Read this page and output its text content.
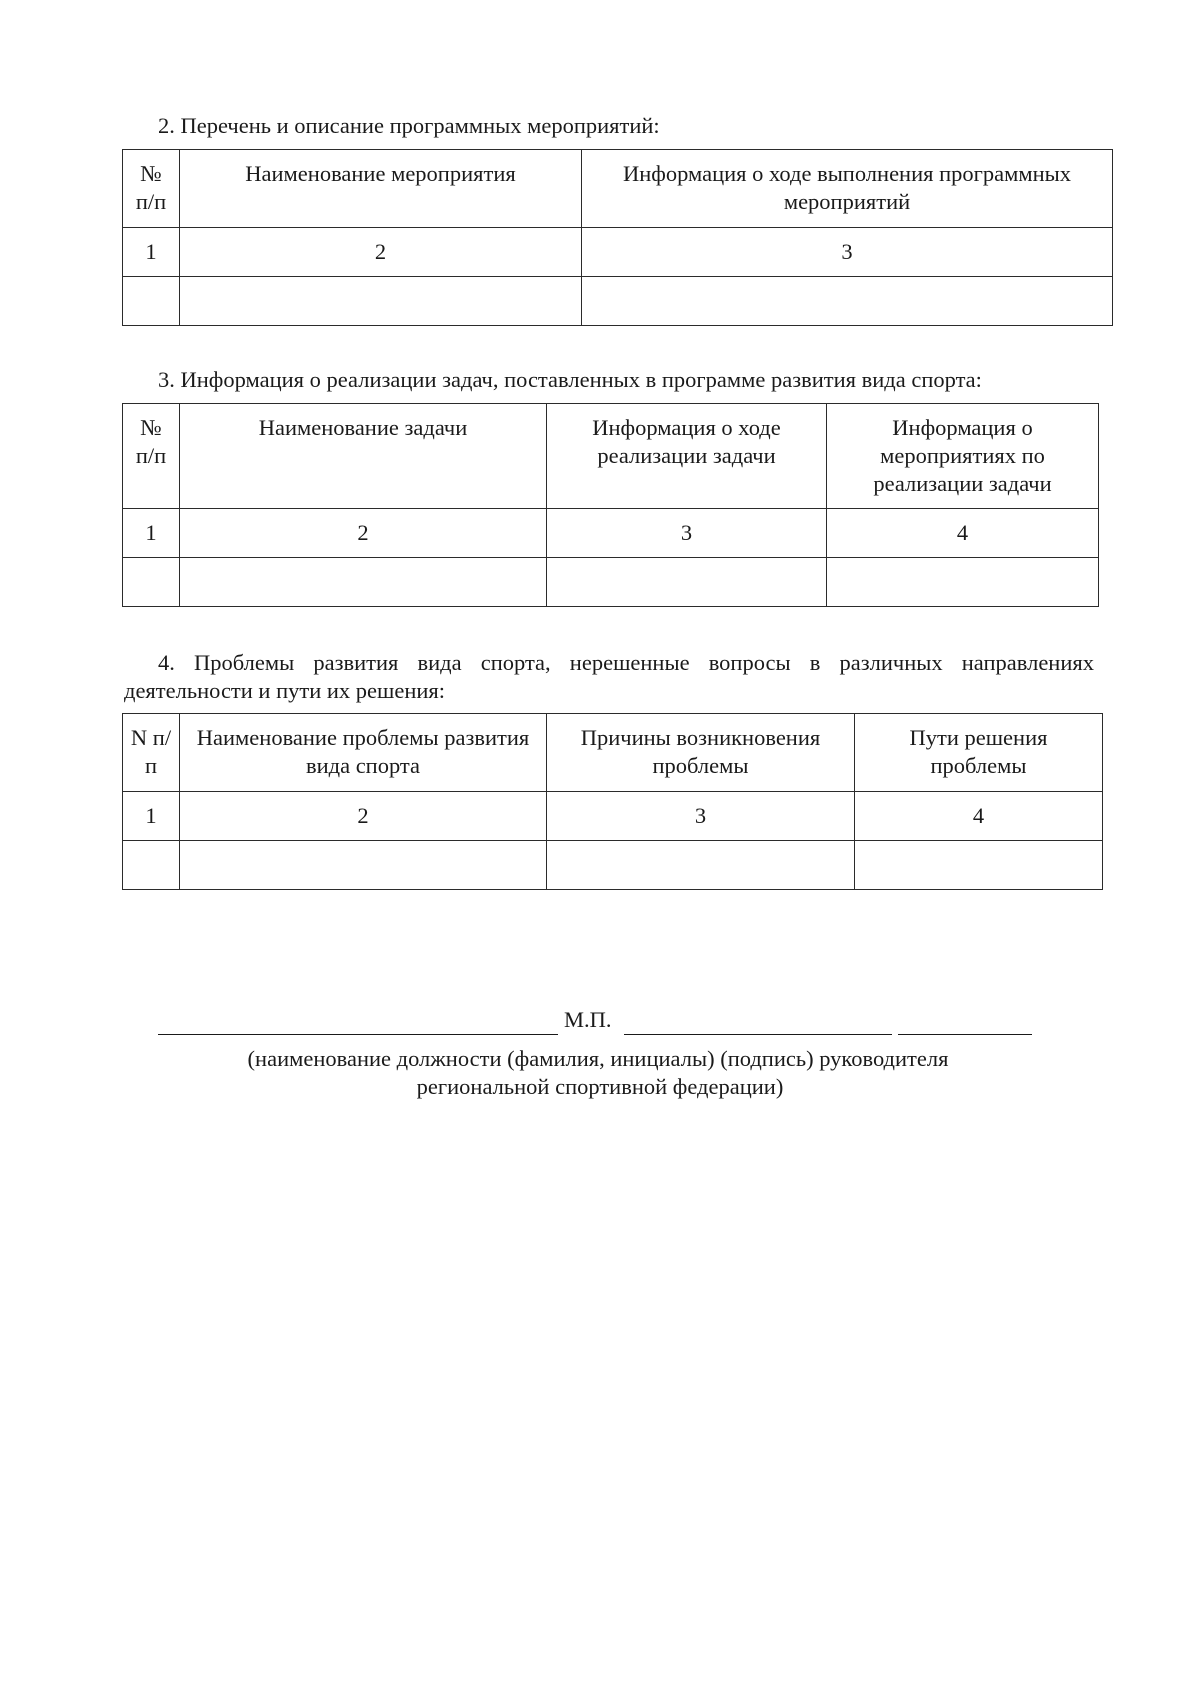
2. Перечень и описание программных мероприятий:

№ п/п	Наименование мероприятия	Информация о ходе выполнения программных мероприятий
1	2	3

3. Информация о реализации задач, поставленных в программе развития вида спорта:

№ п/п	Наименование задачи	Информация о ходе реализации задачи	Информация о мероприятиях по реализации задачи
1	2	3	4

4. Проблемы развития вида спорта, нерешенные вопросы в различных направлениях деятельности и пути их решения:

N п/п	Наименование проблемы развития вида спорта	Причины возникновения проблемы	Пути решения проблемы
1	2	3	4

М.П.
(наименование должности (фамилия, инициалы) (подпись) руководителя
региональной спортивной федерации)
